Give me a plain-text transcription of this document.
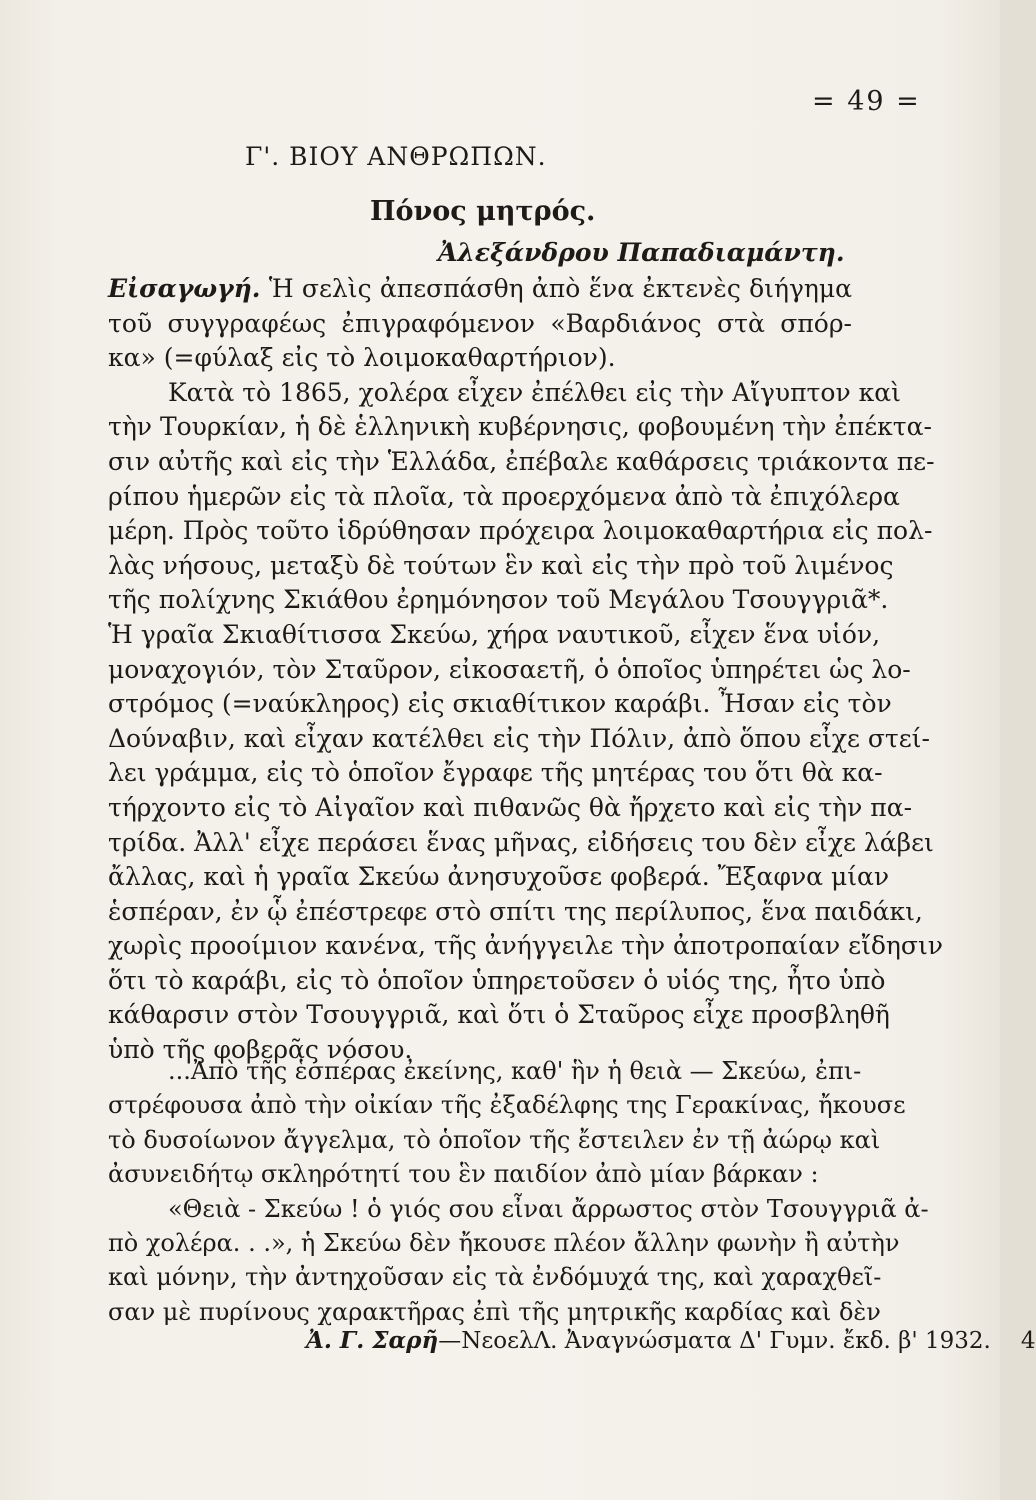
= 49 =
Γ'. ΒΙΟΥ ΑΝΘΡΩΠΩΝ.
Πόνος μητρός.
Ἀλεξάνδρου Παπαδιαμάντη.
Εἰσαγωγή. Ἡ σελὶς ἀπεσπάσθη ἀπὸ ἕνα ἐκτενὲς διήγημα
τοῦ συγγραφέως ἐπιγραφόμενον «Βαρδιάνος στὰ σπόρ-
κα» (=φύλαξ εἰς τὸ λοιμοκαθαρτήριον).
Κατὰ τὸ 1865, χολέρα εἶχεν ἐπέλθει εἰς τὴν Αἴγυπτον καὶ
τὴν Τουρκίαν, ἡ δὲ ἑλληνικὴ κυβέρνησις, φοβουμένη τὴν ἐπέκτα-
σιν αὐτῆς καὶ εἰς τὴν Ἑλλάδα, ἐπέβαλε καθάρσεις τριάκοντα πε-
ρίπου ἡμερῶν εἰς τὰ πλοῖα, τὰ προερχόμενα ἀπὸ τὰ ἐπιχόλερα
μέρη. Πρὸς τοῦτο ἱδρύθησαν πρόχειρα λοιμοκαθαρτήρια εἰς πολ-
λὰς νήσους, μεταξὺ δὲ τούτων ἓν καὶ εἰς τὴν πρὸ τοῦ λιμένος
τῆς πολίχνης Σκιάθου ἐρημόνησον τοῦ Μεγάλου Τσουγγριᾶ*.
Ἡ γραῖα Σκιαθίτισσα Σκεύω, χήρα ναυτικοῦ, εἶχεν ἕνα υἱόν,
μοναχογιόν, τὸν Σταῦρον, εἰκοσαετῆ, ὁ ὁποῖος ὑπηρέτει ὡς λο-
στρόμος (=ναύκληρος) εἰς σκιαθίτικον καράβι. Ἦσαν εἰς τὸν
Δούναβιν, καὶ εἶχαν κατέλθει εἰς τὴν Πόλιν, ἀπὸ ὅπου εἶχε στεί-
λει γράμμα, εἰς τὸ ὁποῖον ἔγραφε τῆς μητέρας του ὅτι θὰ κα-
τήρχοντο εἰς τὸ Αἰγαῖον καὶ πιθανῶς θὰ ἤρχετο καὶ εἰς τὴν πα-
τρίδα. Ἀλλ' εἶχε περάσει ἕνας μῆνας, εἰδήσεις του δὲν εἶχε λάβει
ἄλλας, καὶ ἡ γραῖα Σκεύω ἀνησυχοῦσε φοβερά. Ἔξαφνα μίαν
ἑσπέραν, ἐν ᾧ ἐπέστρεφε στὸ σπίτι της περίλυπος, ἕνα παιδάκι,
χωρὶς προοίμιον κανένα, τῆς ἀνήγγειλε τὴν ἀποτροπαίαν εἴδησιν
ὅτι τὸ καράβι, εἰς τὸ ὁποῖον ὑπηρετοῦσεν ὁ υἱός της, ἦτο ὑπὸ
κάθαρσιν στὸν Τσουγγριᾶ, καὶ ὅτι ὁ Σταῦρος εἶχε προσβληθῆ
ὑπὸ τῆς φοβερᾶς νόσου.
...Ἀπὸ τῆς ἑσπέρας ἐκείνης, καθ' ἣν ἡ θειὰ — Σκεύω, ἐπι-
στρέφουσα ἀπὸ τὴν οἰκίαν τῆς ἐξαδέλφης της Γερακίνας, ἤκουσε
τὸ δυσοίωνον ἄγγελμα, τὸ ὁποῖον τῆς ἔστειλεν ἐν τῇ ἀώρῳ καὶ
ἀσυνειδήτῳ σκληρότητί του ἓν παιδίον ἀπὸ μίαν βάρκαν :
«Θειὰ - Σκεύω ! ὁ γιός σου εἶναι ἄρρωστος στὸν Τσουγγριᾶ ἀ-
πὸ χολέρα. . .», ἡ Σκεύω δὲν ἤκουσε πλέον ἄλλην φωνὴν ἢ αὐτὴν
καὶ μόνην, τὴν ἀντηχοῦσαν εἰς τὰ ἐνδόμυχά της, καὶ χαραχθεῖ-
σαν μὲ πυρίνους χαρακτῆρας ἐπὶ τῆς μητρικῆς καρδίας καὶ δὲν
Ἀ. Γ. Σαρῆ—ΝεοελΛ. Ἀναγνώσματα Δ' Γυμν. ἔκδ. β' 1932. 4
